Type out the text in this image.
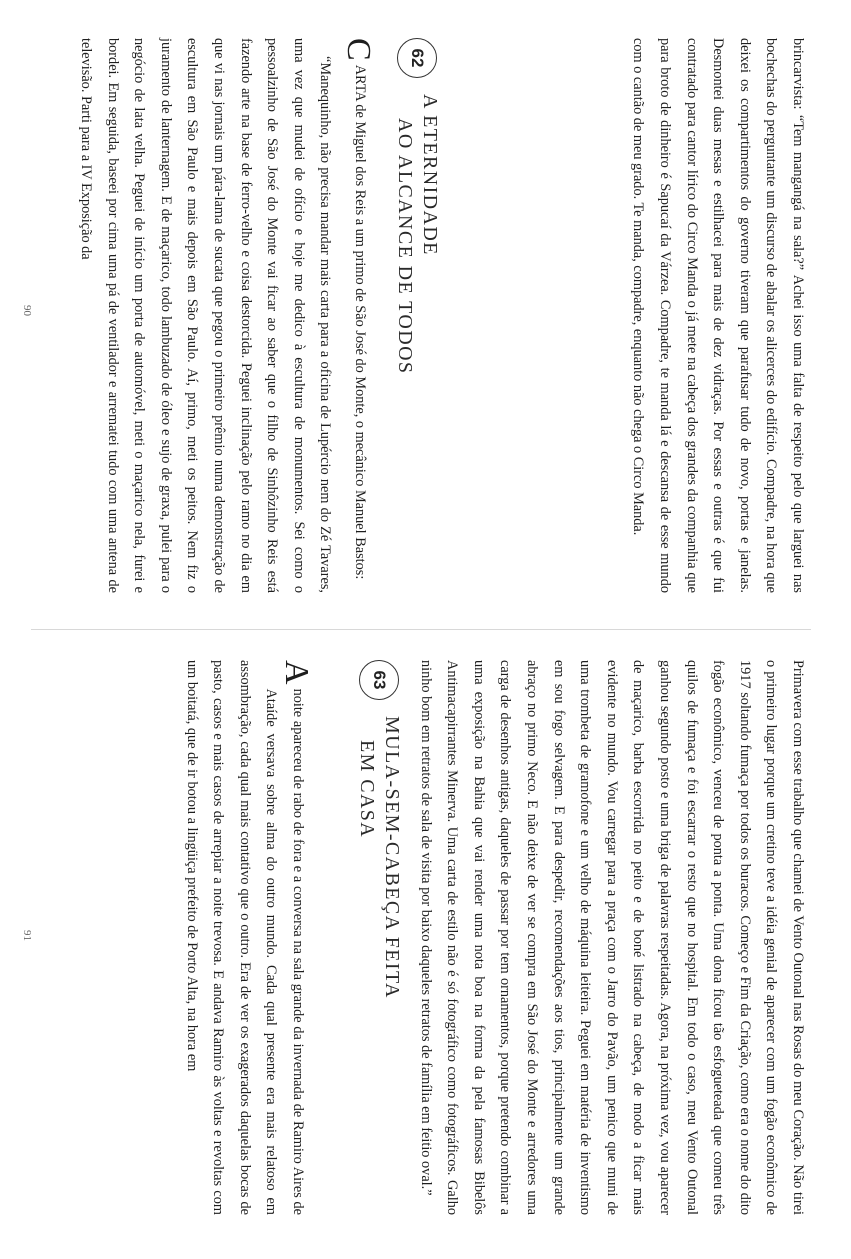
brincarvista: “Tem mangangá na sala?” Achei isso uma falta de respeito pelo que larguei nas bochechas do perguntante um discurso de abalar os alicerces do edifício. Compadre, na hora que deixei os compartimentos do governo tiveram que parafusar tudo de novo, portas e janelas. Desmontei duas mesas e estilhacei para mais de dez vidraças. Por essas e outras é que fui contratado para cantor lírico do Circo Manda o já mete na cabeça dos grandes da companhia que para broto de dinheiro é Sapucaí da Várzea. Compadre, te manda lá e descansa de esse mundo com o cantão de meu grado. Te manda, compadre, enquanto não chega o Circo Manda.

62
A ETERNIDADE
AO ALCANCE DE TODOS

CARTA de Miguel dos Reis a um primo de São José do Monte, o mecânico Manuel Bastos:

“Manequinho, não precisa mandar mais carta para a oficina de Lupércio nem do Zé Tavares, uma vez que mudei de ofício e hoje me dedico à escultura de monumentos. Sei como o pessoalzinho de São José do Monte vai ficar ao saber que o filho de Sinhôzinho Reis está fazendo arte na base de ferro-velho e coisa destorcida. Peguei inclinação pelo ramo no dia em que vi nas jornais um pára-lama de sucata que pegou o primeiro prêmio numa demonstração de escultura em São Paulo e mais depois em São Paulo. Aí, primo, meti os peitos. Nem fiz o juramento de lanternagem. E de maçarico, todo lambuzado de óleo e sujo de graxa, pulei para o negócio de lata velha. Peguei de início um porta de automóvel, meti o maçarico nela, furei e bordei. Em seguida, baseei por cima uma pá de ventilador e arrematei tudo com uma antena de televisão. Parti para a IV Exposição da

90

Primavera com esse trabalho que chamei de Vento Outonal nas Rosas do meu Coração. Não tirei o primeiro lugar porque um cretino teve a idéia genial de aparecer com um fogão econômico de 1917 soltando fumaça por todos os buracos. Começo e Fim da Criação, como era o nome do dito fogão econômico, venceu de ponta a ponta. Uma dona ficou tão esfogueteada que comeu três quilos de fumaça e foi escarrar o resto que no hospital. Em todo o caso, meu Vento Outonal ganhou segundo posto e uma briga de palavras respeitadas. Agora, na próxima vez, vou aparecer de maçarico, barba escorrida no peito e de boné listrado na cabeça, de modo a ficar mais evidente no mundo. Vou carregar para a praça com o Jarro do Pavão, um penico que muni de uma trombeta de gramofone e um velho de máquina leiteira. Peguei em matéria de inventismo em sou fogo selvagem. E para despedir, recomendações aos tios, principalmente um grande abraço no primo Neco. E não deixe de ver se compra em São José do Monte e arredores uma carga de desenhos antigas, daqueles de passar por tem ornamentos, porque pretendo combinar a uma exposição na Bahia que vai render uma nota boa na forma da pela famosas Bibelôs Antimacapirrantes Minerva. Uma carta de estilo não é só fotográfico como fotográficos. Galho ninho bom em retratos de sala de visita por baixo daqueles retratos de família em feitio oval.”

63
MULA-SEM-CABEÇA FEITA
EM CASA

Anoite apareceu de rabo de fora e a conversa na sala grande da invernada de Ramiro Aires de Ataíde versava sobre alma do outro mundo. Cada qual presente era mais relatoso em assombração, cada qual mais contativo que o outro. Era de ver os exagerados daquelas bocas de pasto, casos e mais casos de arrepiar a noite trevosa. E andava Ramiro às voltas e revoltas com um boitatá, que de ir botou a lingüiça prefeito de Porto Alta, na hora em

91
